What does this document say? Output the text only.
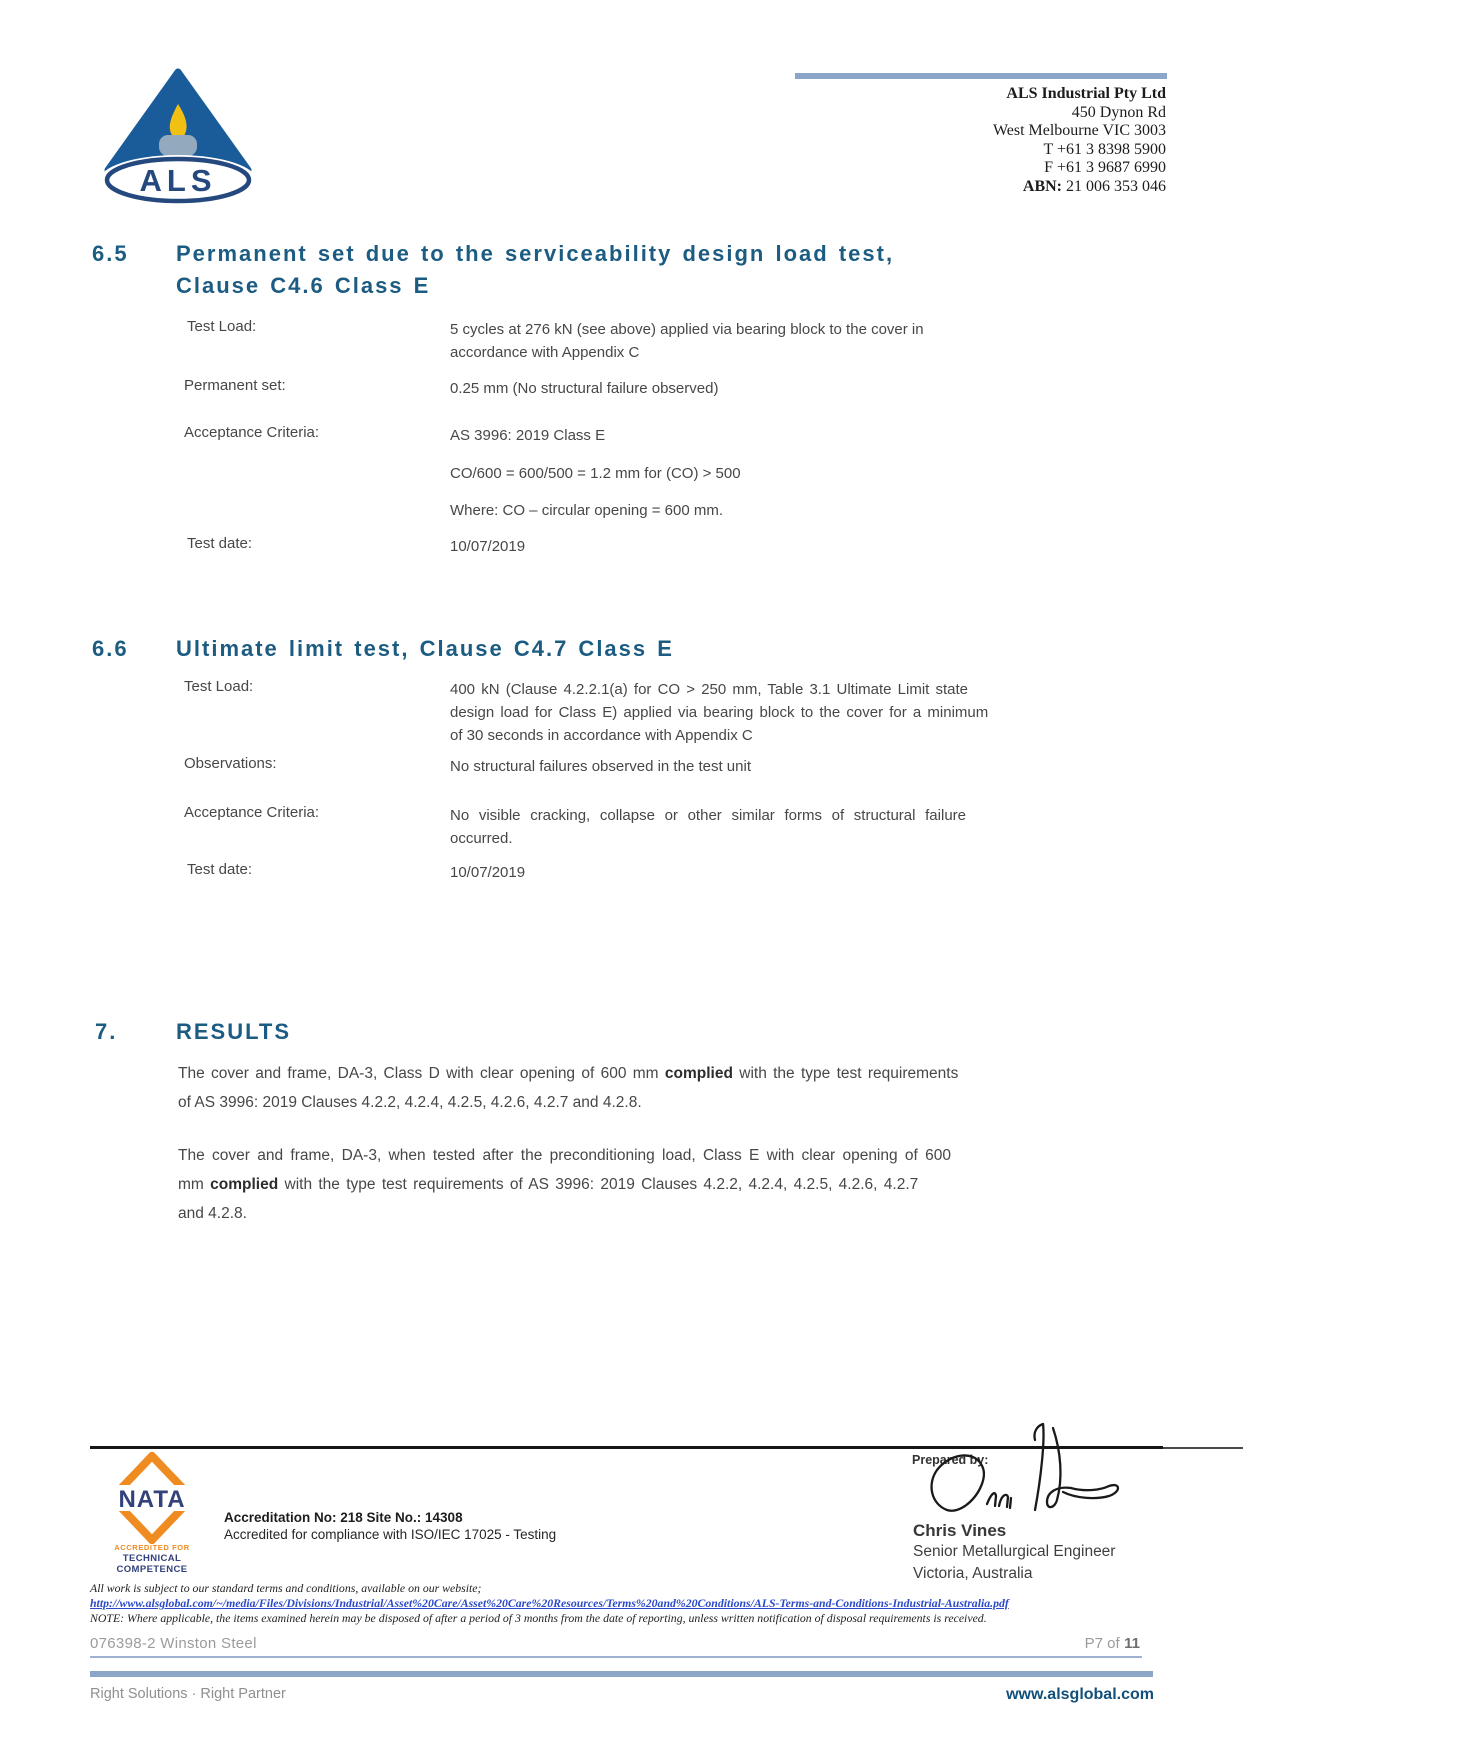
ALS
ALS Industrial Pty Ltd
450 Dynon Rd
West Melbourne VIC 3003
T +61 3 8398 5900
F +61 3 9687 6990
ABN: 21 006 353 046
6.5 Permanent set due to the serviceability design load test,
Clause C4.6 Class E
Test Load:	5 cycles at 276 kN (see above) applied via bearing block to the cover in
accordance with Appendix C
Permanent set:	0.25 mm (No structural failure observed)
Acceptance Criteria:	AS 3996: 2019 Class E
CO/600 = 600/500 = 1.2 mm for (CO) > 500
Where: CO – circular opening = 600 mm.
Test date:	10/07/2019
6.6 Ultimate limit test, Clause C4.7 Class E
Test Load:	400 kN (Clause 4.2.2.1(a) for CO > 250 mm, Table 3.1 Ultimate Limit state
design load for Class E) applied via bearing block to the cover for a minimum
of 30 seconds in accordance with Appendix C
Observations:	No structural failures observed in the test unit
Acceptance Criteria:	No visible cracking, collapse or other similar forms of structural failure
occurred.
Test date:	10/07/2019
7.	RESULTS
The cover and frame, DA-3, Class D with clear opening of 600 mm complied with the type test requirements
of AS 3996: 2019 Clauses 4.2.2, 4.2.4, 4.2.5, 4.2.6, 4.2.7 and 4.2.8.
The cover and frame, DA-3, when tested after the preconditioning load, Class E with clear opening of 600
mm complied with the type test requirements of AS 3996: 2019 Clauses 4.2.2, 4.2.4, 4.2.5, 4.2.6, 4.2.7
and 4.2.8.
NATA
ACCREDITED FOR
TECHNICAL
COMPETENCE
Accreditation No: 218 Site No.: 14308
Accredited for compliance with ISO/IEC 17025 - Testing
Prepared by:
Chris Vines
Senior Metallurgical Engineer
Victoria, Australia
All work is subject to our standard terms and conditions, available on our website;
http://www.alsglobal.com/~/media/Files/Divisions/Industrial/Asset%20Care/Asset%20Care%20Resources/Terms%20and%20Conditions/ALS-Terms-and-Conditions-Industrial-Australia.pdf
NOTE: Where applicable, the items examined herein may be disposed of after a period of 3 months from the date of reporting, unless written notification of disposal requirements is received.
076398-2 Winston Steel	P7 of 11
Right Solutions · Right Partner	www.alsglobal.com
